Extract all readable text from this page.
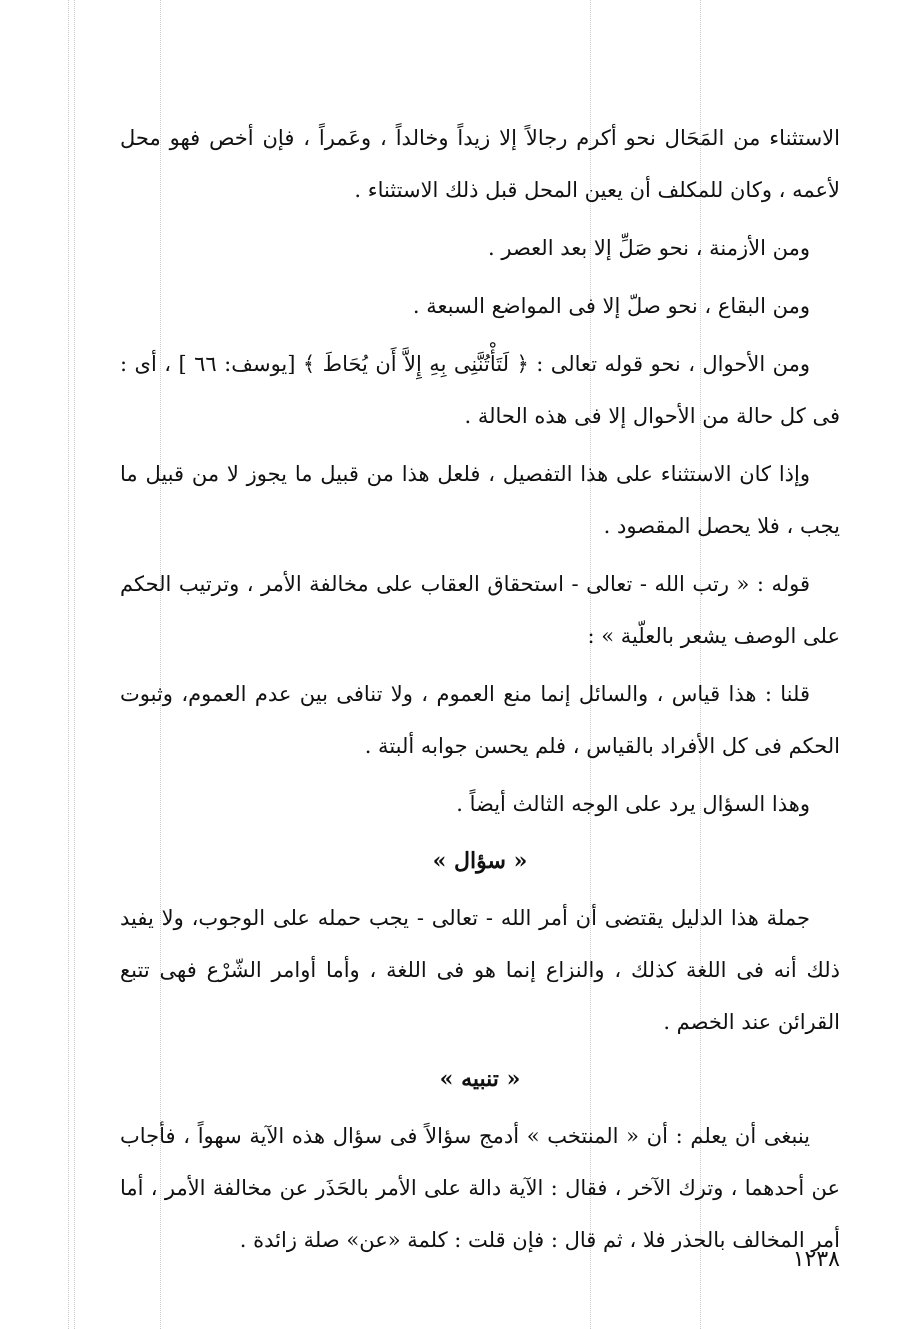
الاستثناء من المَحَال نحو أكرم رجالاً إلا زيداً وخالداً ، وعَمراً ، فإن أخص فهو محل لأعمه ، وكان للمكلف أن يعين المحل قبل ذلك الاستثناء .

ومن الأزمنة ، نحو صَلِّ إلا بعد العصر .

ومن البقاع ، نحو صلّ إلا فى المواضع السبعة .

ومن الأحوال ، نحو قوله تعالى : ﴿ لَتَأْتُنَّنِى بِهِ إِلاَّ أَن يُحَاطَ ﴾ [يوسف: ٦٦ ] ، أى : فى كل حالة من الأحوال إلا فى هذه الحالة .

وإذا كان الاستثناء على هذا التفصيل ، فلعل هذا من قبيل ما يجوز لا من قبيل ما يجب ، فلا يحصل المقصود .

قوله : « رتب الله - تعالى - استحقاق العقاب على مخالفة الأمر ، وترتيب الحكم على الوصف يشعر بالعلّية » :

قلنا : هذا قياس ، والسائل إنما منع العموم ، ولا تنافى بين عدم العموم، وثبوت الحكم فى كل الأفراد بالقياس ، فلم يحسن جوابه ألبتة .

وهذا السؤال يرد على الوجه الثالث أيضاً .

« سؤال »

جملة هذا الدليل يقتضى أن أمر الله - تعالى - يجب حمله على الوجوب، ولا يفيد ذلك أنه فى اللغة كذلك ، والنزاع إنما هو فى اللغة ، وأما أوامر الشّرْع فهى تتبع القرائن عند الخصم .

« تنبيه »

ينبغى أن يعلم : أن « المنتخب » أدمج سؤالاً فى سؤال هذه الآية سهواً ، فأجاب عن أحدهما ، وترك الآخر ، فقال : الآية دالة على الأمر بالحَذَر عن مخالفة الأمر ، أما أمر المخالف بالحذر فلا ، ثم قال : فإن قلت : كلمة «عن» صلة زائدة .

١٢٣٨
